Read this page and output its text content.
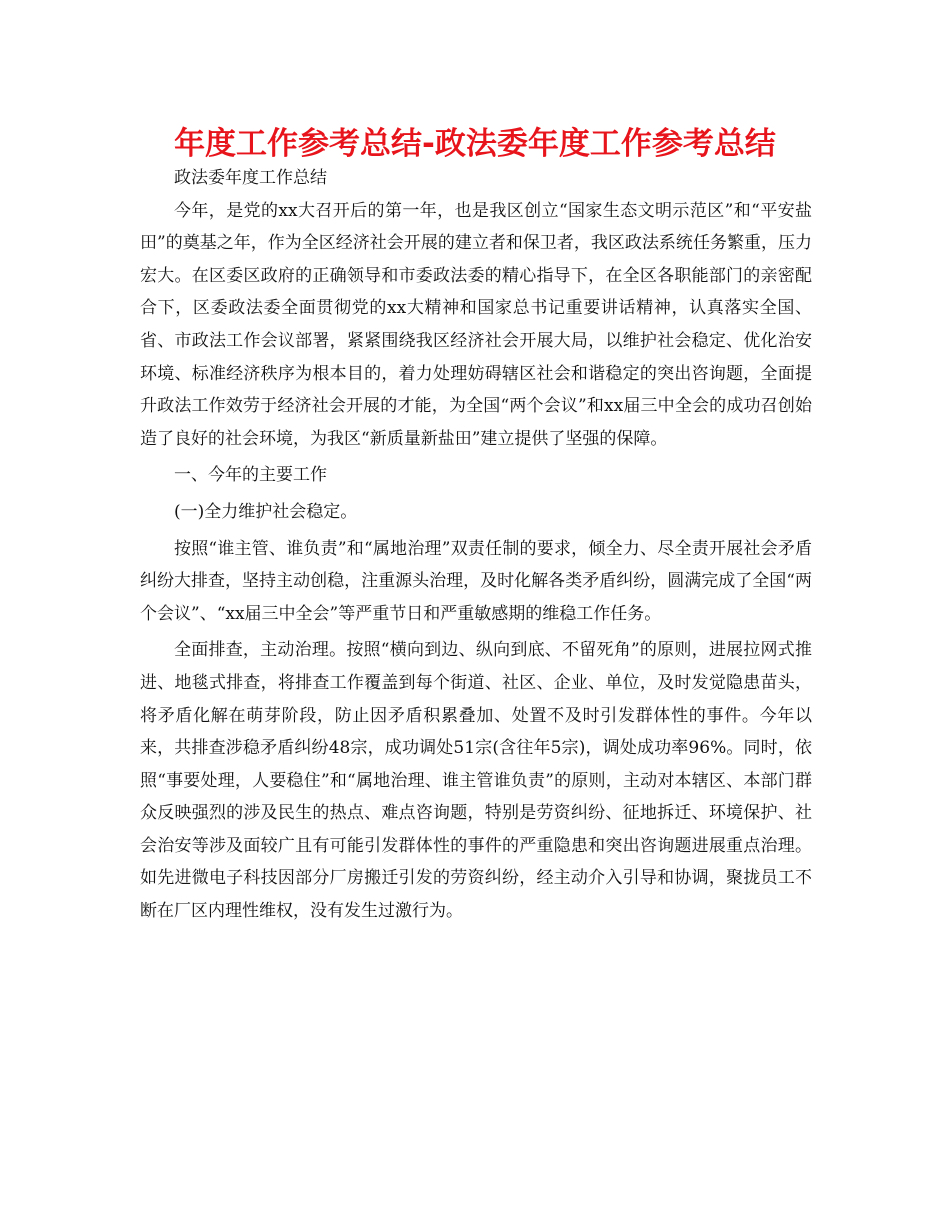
年度工作参考总结-政法委年度工作参考总结

政法委年度工作总结

今年，是党的xx大召开后的第一年，也是我区创立“国家生态文明示范区”和“平安盐田”的奠基之年，作为全区经济社会开展的建立者和保卫者，我区政法系统任务繁重，压力宏大。在区委区政府的正确领导和市委政法委的精心指导下，在全区各职能部门的亲密配合下，区委政法委全面贯彻党的xx大精神和国家总书记重要讲话精神，认真落实全国、省、市政法工作会议部署，紧紧围绕我区经济社会开展大局，以维护社会稳定、优化治安环境、标准经济秩序为根本目的，着力处理妨碍辖区社会和谐稳定的突出咨询题，全面提升政法工作效劳于经济社会开展的才能，为全国“两个会议”和xx届三中全会的成功召创始造了良好的社会环境，为我区“新质量新盐田”建立提供了坚强的保障。

一、今年的主要工作

(一)全力维护社会稳定。

按照“谁主管、谁负责”和“属地治理”双责任制的要求，倾全力、尽全责开展社会矛盾纠纷大排查，坚持主动创稳，注重源头治理，及时化解各类矛盾纠纷，圆满完成了全国“两个会议”、“xx届三中全会”等严重节日和严重敏感期的维稳工作任务。

全面排查，主动治理。按照“横向到边、纵向到底、不留死角”的原则，进展拉网式推进、地毯式排查，将排查工作覆盖到每个街道、社区、企业、单位，及时发觉隐患苗头，将矛盾化解在萌芽阶段，防止因矛盾积累叠加、处置不及时引发群体性的事件。今年以来，共排查涉稳矛盾纠纷48宗，成功调处51宗(含往年5宗)，调处成功率96%。同时，依照“事要处理，人要稳住”和“属地治理、谁主管谁负责”的原则，主动对本辖区、本部门群众反映强烈的涉及民生的热点、难点咨询题，特别是劳资纠纷、征地拆迁、环境保护、社会治安等涉及面较广且有可能引发群体性的事件的严重隐患和突出咨询题进展重点治理。如先进微电子科技因部分厂房搬迁引发的劳资纠纷，经主动介入引导和协调，聚拢员工不断在厂区内理性维权，没有发生过激行为。
